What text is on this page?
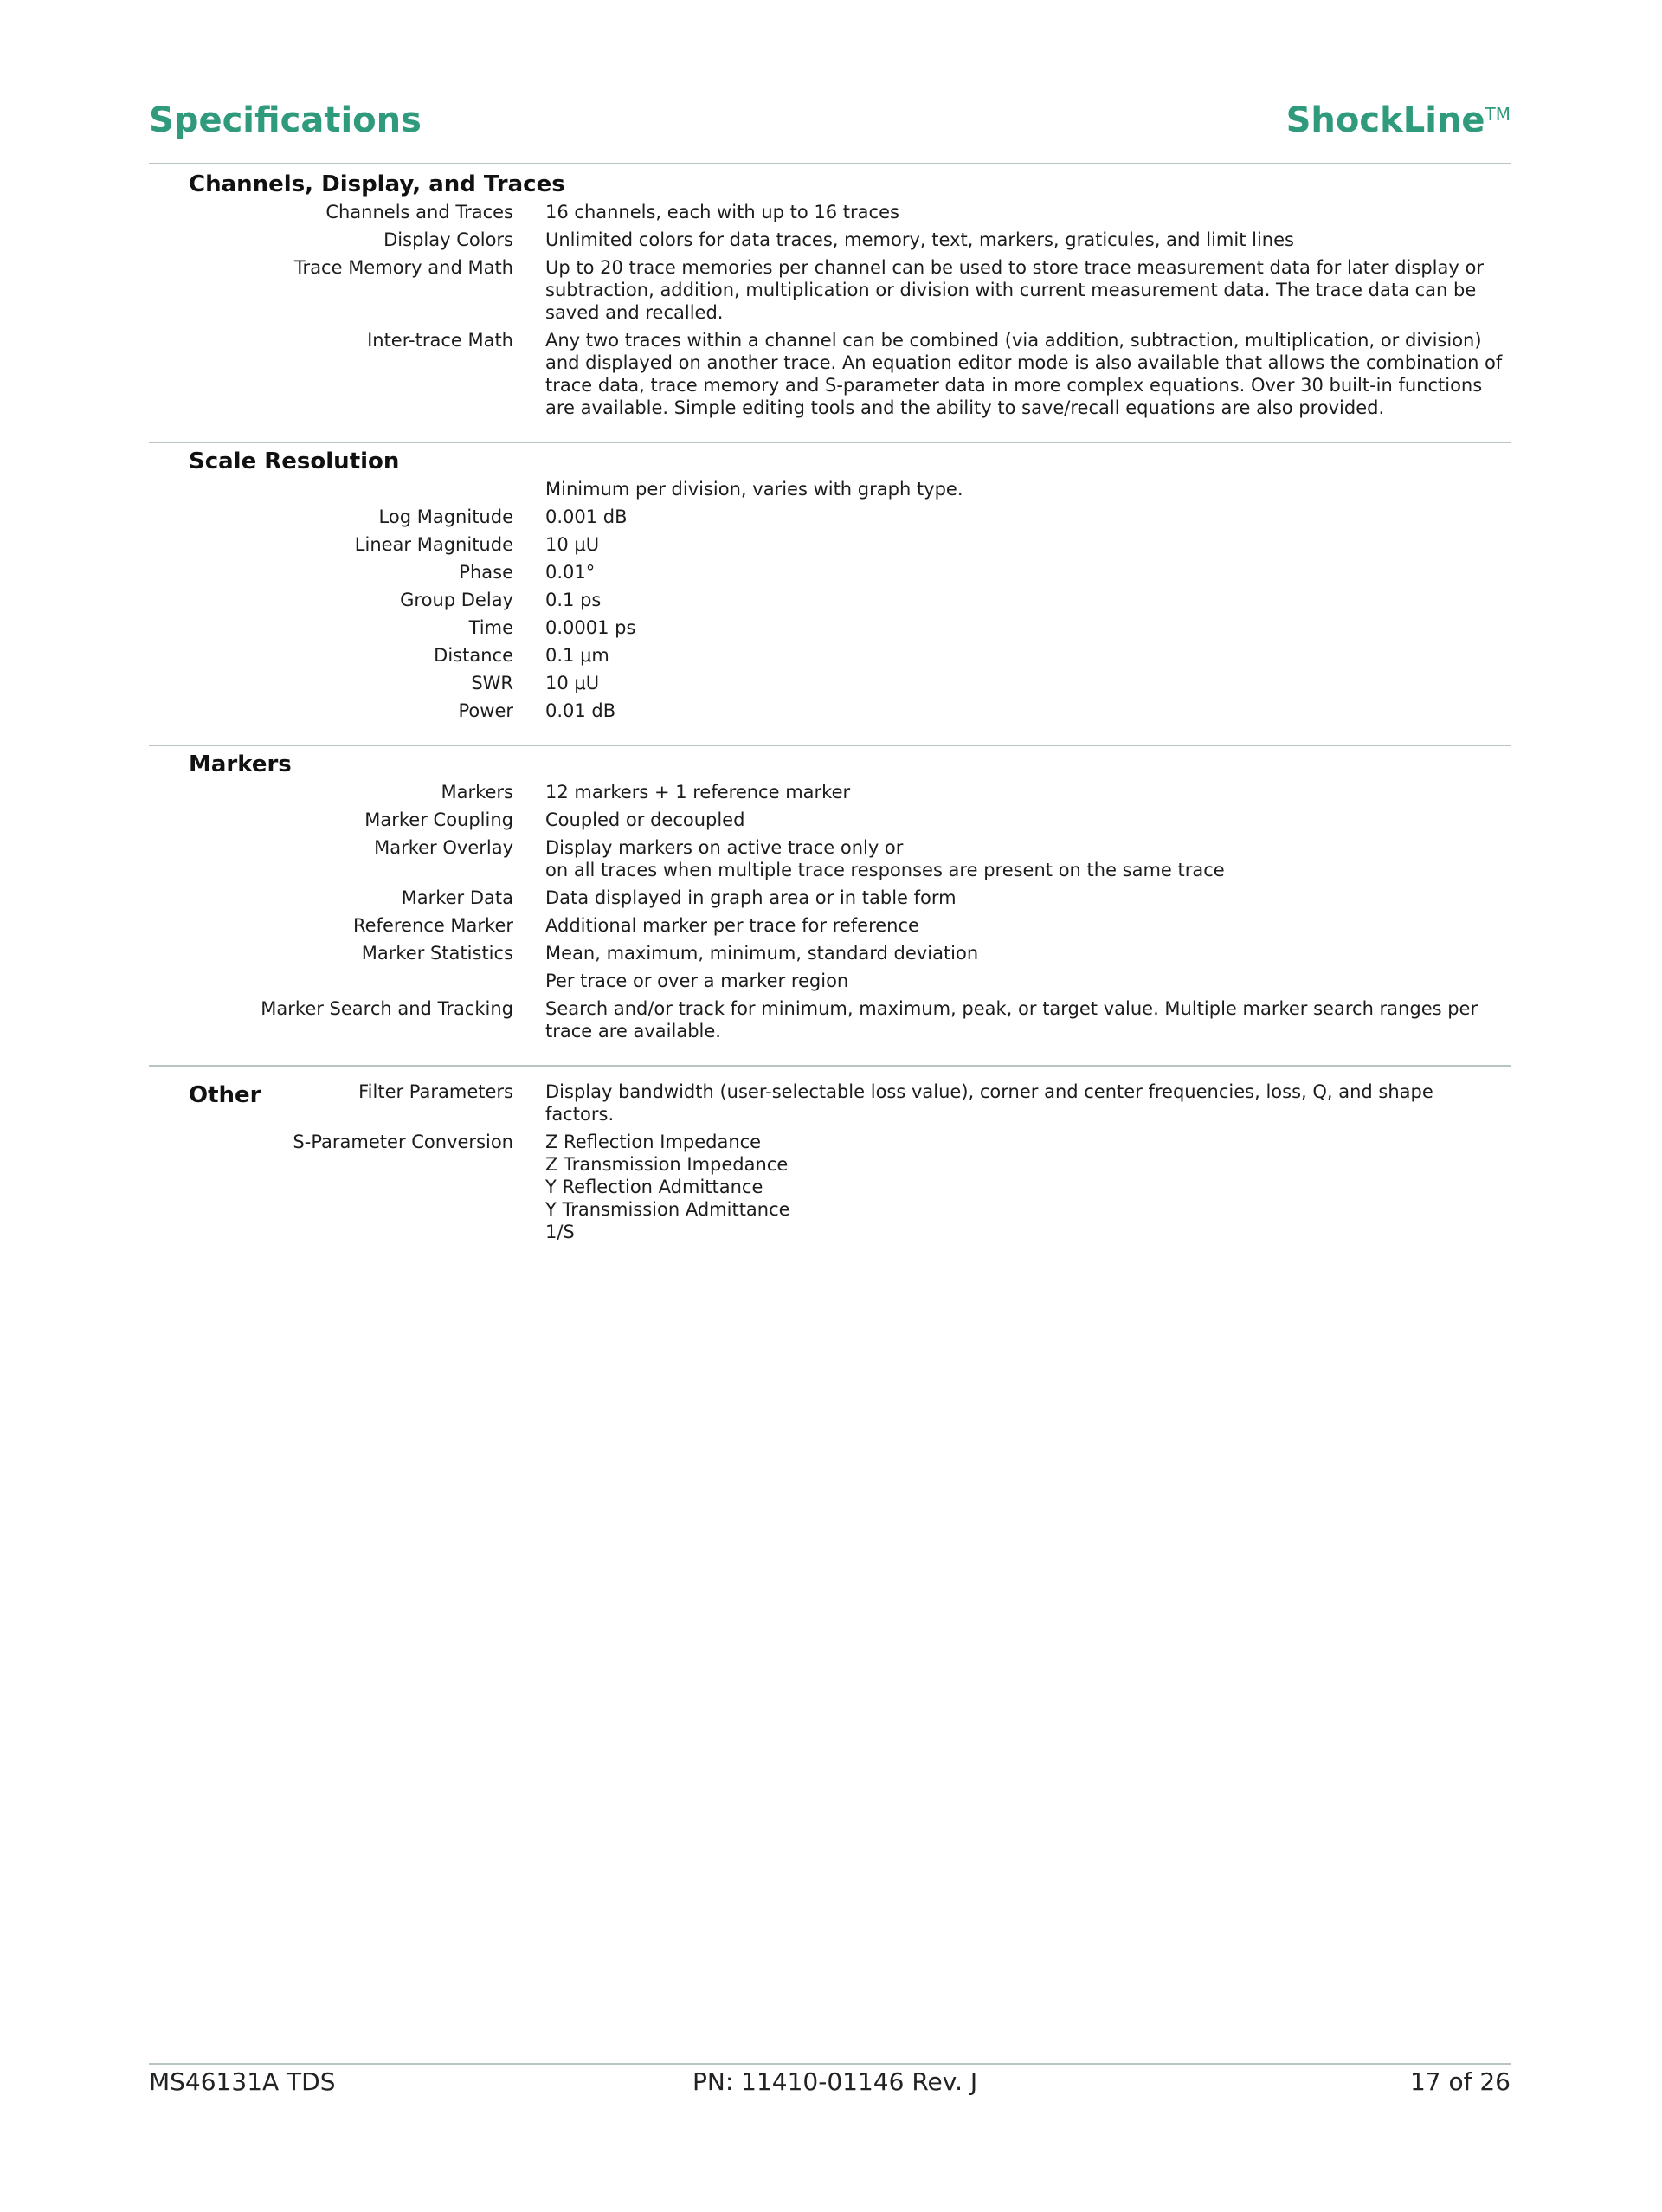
Specifications	ShockLine™
Channels, Display, and Traces
Channels and Traces	16 channels, each with up to 16 traces
Display Colors	Unlimited colors for data traces, memory, text, markers, graticules, and limit lines
Trace Memory and Math	Up to 20 trace memories per channel can be used to store trace measurement data for later display or subtraction, addition, multiplication or division with current measurement data. The trace data can be saved and recalled.
Inter-trace Math	Any two traces within a channel can be combined (via addition, subtraction, multiplication, or division) and displayed on another trace. An equation editor mode is also available that allows the combination of trace data, trace memory and S-parameter data in more complex equations. Over 30 built-in functions are available. Simple editing tools and the ability to save/recall equations are also provided.
Scale Resolution
Minimum per division, varies with graph type.
Log Magnitude	0.001 dB
Linear Magnitude	10 μU
Phase	0.01°
Group Delay	0.1 ps
Time	0.0001 ps
Distance	0.1 μm
SWR	10 μU
Power	0.01 dB
Markers
Markers	12 markers + 1 reference marker
Marker Coupling	Coupled or decoupled
Marker Overlay	Display markers on active trace only or
on all traces when multiple trace responses are present on the same trace
Marker Data	Data displayed in graph area or in table form
Reference Marker	Additional marker per trace for reference
Marker Statistics	Mean, maximum, minimum, standard deviation
Per trace or over a marker region
Marker Search and Tracking	Search and/or track for minimum, maximum, peak, or target value. Multiple marker search ranges per trace are available.
Other	Filter Parameters	Display bandwidth (user-selectable loss value), corner and center frequencies, loss, Q, and shape factors.
S-Parameter Conversion	Z Reflection Impedance
Z Transmission Impedance
Y Reflection Admittance
Y Transmission Admittance
1/S
MS46131A TDS	PN: 11410-01146 Rev. J	17 of 26
